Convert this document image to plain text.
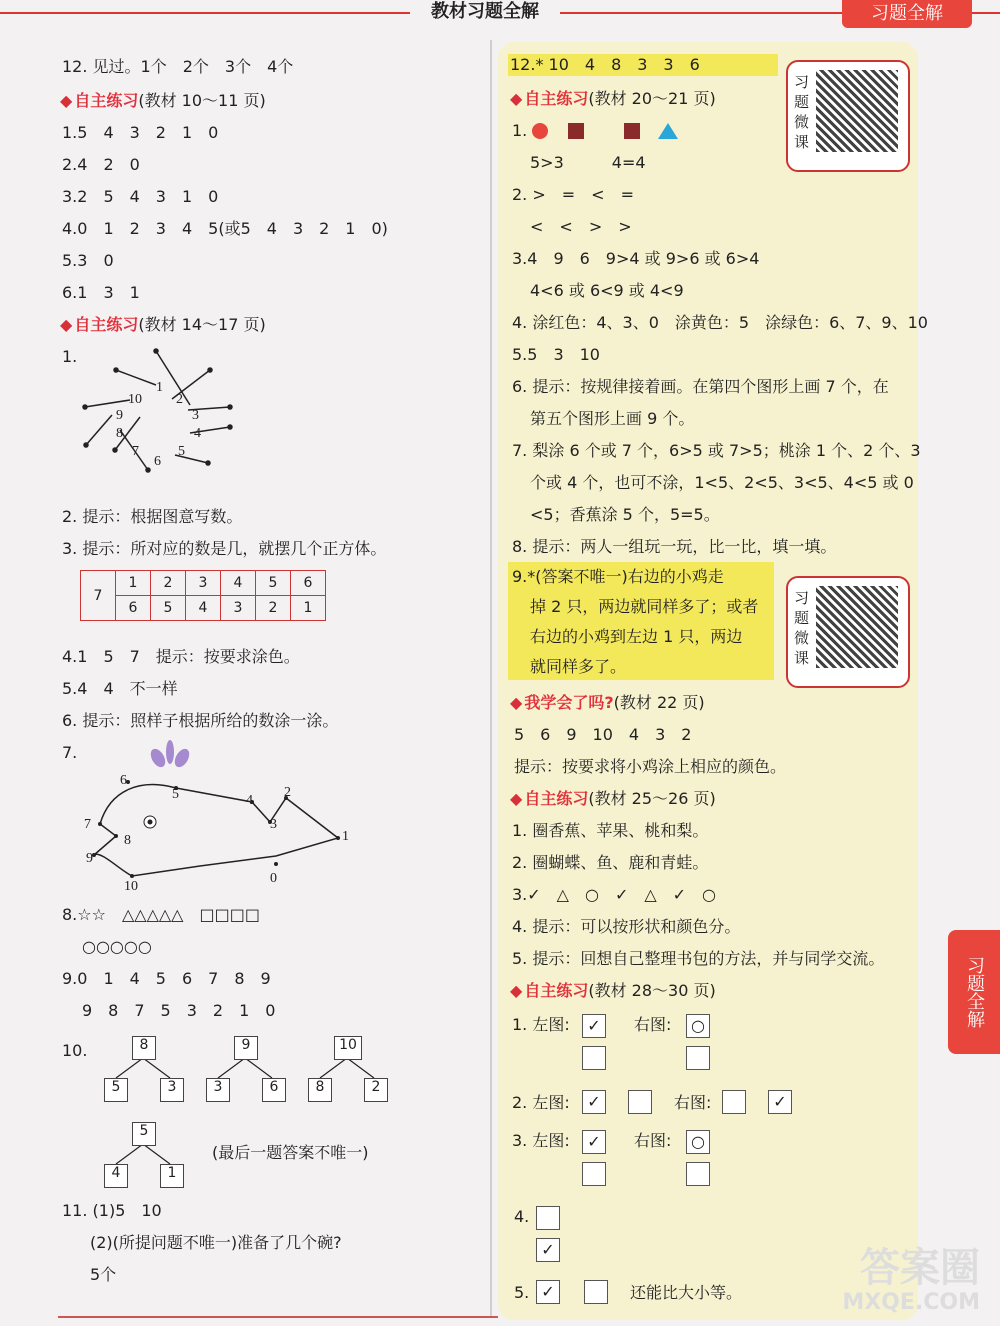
教材习题全解	习题全解
习题全解
12. 见过。1个　2个　3个　4个
◆ 自主练习(教材 10～11 页)
1.5　4　3　2　1　0
2.4　2　0
3.2　5　4　3　1　0
4.0　1　2　3　4　5(或5　4　3　2　1　0)
5.3　0
6.1　3　1
◆ 自主练习(教材 14～17 页)
1.
1
2
3
4
5
6
7
8
9
10
2. 提示：根据图意写数。
3. 提示：所对应的数是几，就摆几个正方体。
7	1	2	3	4	5	6
	6	5	4	3	2	1
4.1　5　7　提示：按要求涂色。
5.4　4　不一样
6. 提示：照样子根据所给的数涂一涂。
7.
6
5	4
2
7	3
8	1
9
0
10
8.☆☆　△△△△△　□□□□
○○○○○
9.0　1　4　5　6　7　8　9
9　8　7　5　3　2　1　0
10.	8
5	3
9
3	6
10
8	2
5
4	1
(最后一题答案不唯一)
11. (1)5　10
(2)(所提问题不唯一)准备了几个碗?
5个
12.* 10　4　8　3　3　6
◆ 自主练习(教材 20～21 页)
习题微课
1.
5>3　　　4=4
2. >　=　<　=
<　<　>　>
3.4　9　6　9>4 或 9>6 或 6>4
4<6 或 6<9 或 4<9
4. 涂红色：4、3、0　涂黄色：5　涂绿色：6、7、9、10
5.5　3　10
6. 提示：按规律接着画。在第四个图形上画 7 个，在
第五个图形上画 9 个。
7. 梨涂 6 个或 7 个，6>5 或 7>5；桃涂 1 个、2 个、3
个或 4 个，也可不涂，1<5、2<5、3<5、4<5 或 0
<5；香蕉涂 5 个，5=5。
8. 提示：两人一组玩一玩，比一比，填一填。
9.*(答案不唯一)右边的小鸡走
掉 2 只，两边就同样多了；或者
右边的小鸡到左边 1 只，两边
就同样多了。
习题微课
◆ 我学会了吗?(教材 22 页)
5　6　9　10　4　3　2
提示：按要求将小鸡涂上相应的颜色。
◆ 自主练习(教材 25～26 页)
1. 圈香蕉、苹果、桃和梨。
2. 圈蝴蝶、鱼、鹿和青蛙。
3.✓　△　○　✓　△　✓　○
4. 提示：可以按形状和颜色分。
5. 提示：回想自己整理书包的方法，并与同学交流。
◆ 自主练习(教材 28～30 页)
1. 左图:	✓	右图:	○
2. 左图:	✓	右图:	✓
3. 左图:	✓	右图:	○
4.
✓
5. ✓	还能比大小等。
答案圈
MXQE.COM
